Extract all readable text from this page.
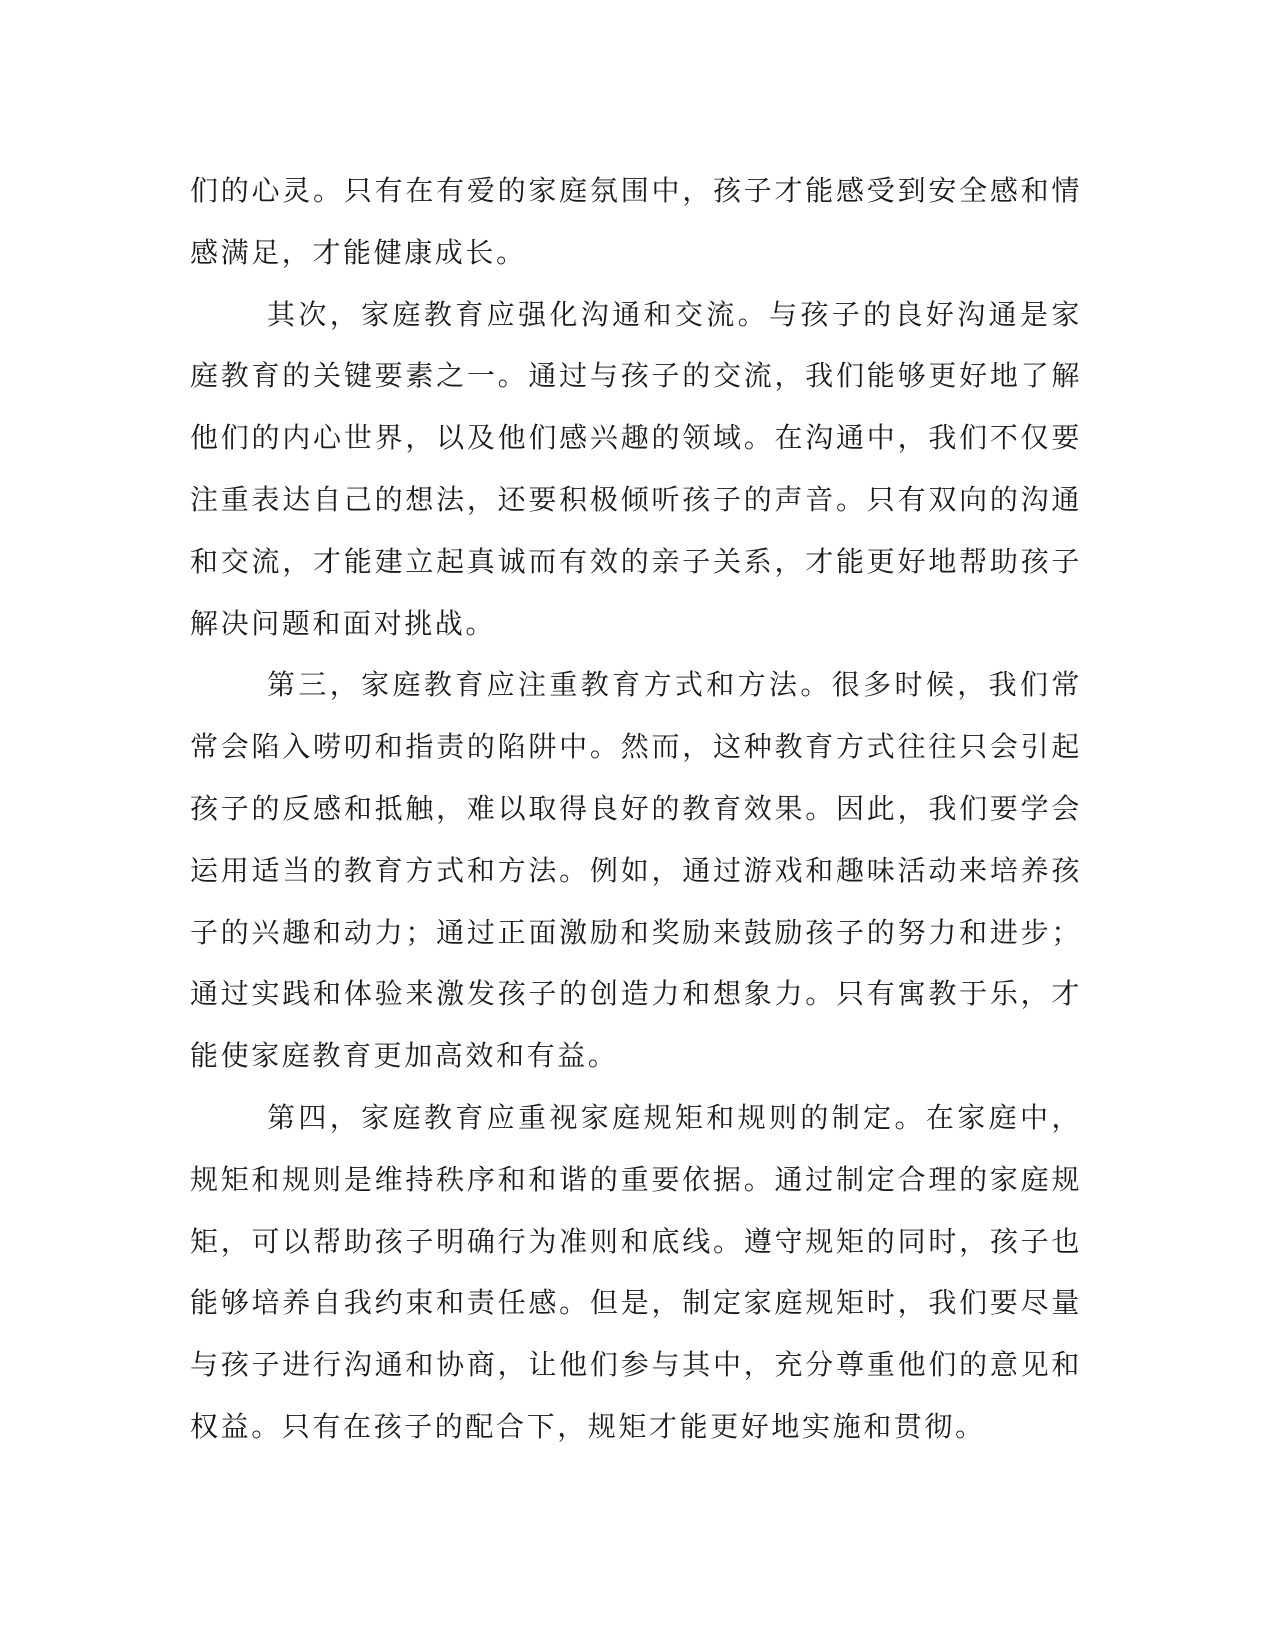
们的心灵。只有在有爱的家庭氛围中，孩子才能感受到安全感和情感满足，才能健康成长。

其次，家庭教育应强化沟通和交流。与孩子的良好沟通是家庭教育的关键要素之一。通过与孩子的交流，我们能够更好地了解他们的内心世界，以及他们感兴趣的领域。在沟通中，我们不仅要注重表达自己的想法，还要积极倾听孩子的声音。只有双向的沟通和交流，才能建立起真诚而有效的亲子关系，才能更好地帮助孩子解决问题和面对挑战。

第三，家庭教育应注重教育方式和方法。很多时候，我们常常会陷入唠叨和指责的陷阱中。然而，这种教育方式往往只会引起孩子的反感和抵触，难以取得良好的教育效果。因此，我们要学会运用适当的教育方式和方法。例如，通过游戏和趣味活动来培养孩子的兴趣和动力；通过正面激励和奖励来鼓励孩子的努力和进步；通过实践和体验来激发孩子的创造力和想象力。只有寓教于乐，才能使家庭教育更加高效和有益。

第四，家庭教育应重视家庭规矩和规则的制定。在家庭中，规矩和规则是维持秩序和和谐的重要依据。通过制定合理的家庭规矩，可以帮助孩子明确行为准则和底线。遵守规矩的同时，孩子也能够培养自我约束和责任感。但是，制定家庭规矩时，我们要尽量与孩子进行沟通和协商，让他们参与其中，充分尊重他们的意见和权益。只有在孩子的配合下，规矩才能更好地实施和贯彻。
